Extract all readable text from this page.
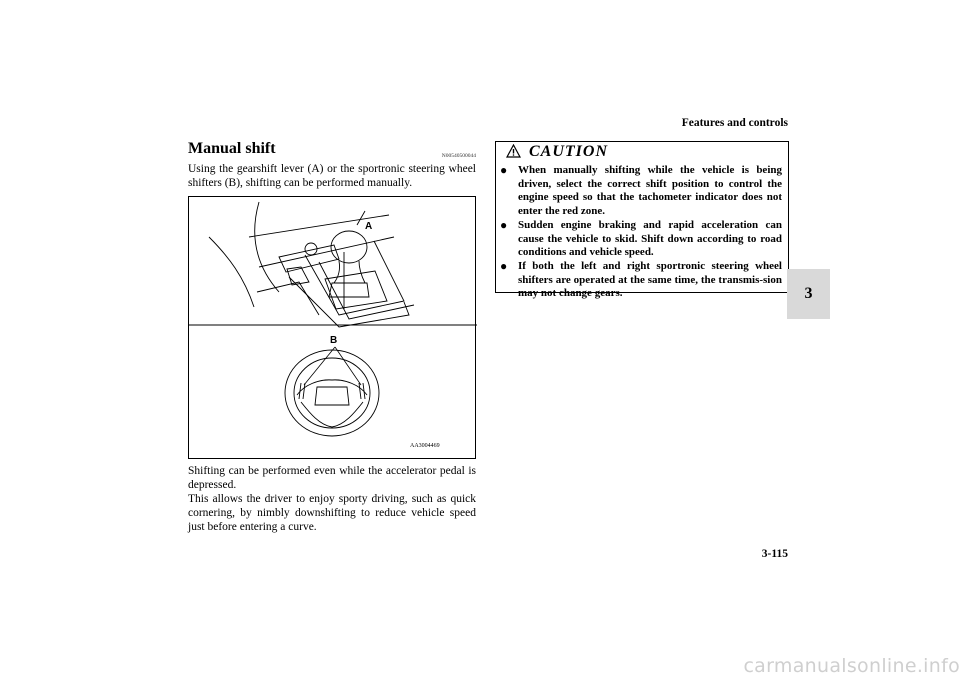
Features and controls
Manual shift	N00540500044
Using the gearshift lever (A) or the sportronic steering wheel shifters (B), shifting can be performed manually.
A
B
AA3004469

Shifting can be performed even while the accelerator pedal is depressed.

This allows the driver to enjoy sporty driving, such as quick cornering, by nimbly downshifting to reduce vehicle speed just before entering a curve.

CAUTION
● When manually shifting while the vehicle is being driven, select the correct shift position to control the engine speed so that the tachometer indicator does not enter the red zone.
● Sudden engine braking and rapid acceleration can cause the vehicle to skid. Shift down according to road conditions and vehicle speed.
● If both the left and right sportronic steering wheel shifters are operated at the same time, the transmis-sion may not change gears.	3
3-115
carmanualsonline.info
